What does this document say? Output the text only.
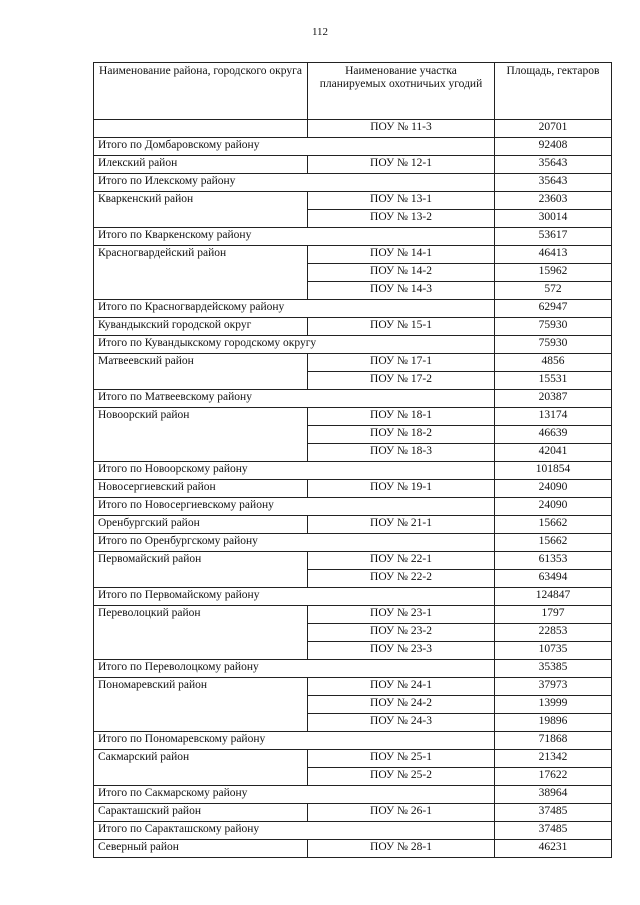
112
Наименование района, городского округа	Наименование участка планируемых охотничьих угодий	Площадь, гектаров
	ПОУ № 11-3	20701
Итого по Домбаровскому району		92408
Илекский район	ПОУ № 12-1	35643
Итого по Илекскому району		35643
Кваркенский район	ПОУ № 13-1	23603
	ПОУ № 13-2	30014
Итого по Кваркенскому району		53617
Красногвардейский район	ПОУ № 14-1	46413
	ПОУ № 14-2	15962
	ПОУ № 14-3	572
Итого по Красногвардейскому району		62947
Кувандыкский городской округ	ПОУ № 15-1	75930
Итого по Кувандыкскому городскому округу		75930
Матвеевский район	ПОУ № 17-1	4856
	ПОУ № 17-2	15531
Итого по Матвеевскому району		20387
Новоорский район	ПОУ № 18-1	13174
	ПОУ № 18-2	46639
	ПОУ № 18-3	42041
Итого по Новоорскому району		101854
Новосергиевский район	ПОУ № 19-1	24090
Итого по Новосергиевскому району		24090
Оренбургский район	ПОУ № 21-1	15662
Итого по Оренбургскому району		15662
Первомайский район	ПОУ № 22-1	61353
	ПОУ № 22-2	63494
Итого по Первомайскому району		124847
Переволоцкий район	ПОУ № 23-1	1797
	ПОУ № 23-2	22853
	ПОУ № 23-3	10735
Итого по Переволоцкому району		35385
Пономаревский район	ПОУ № 24-1	37973
	ПОУ № 24-2	13999
	ПОУ № 24-3	19896
Итого по Пономаревскому району		71868
Сакмарский район	ПОУ № 25-1	21342
	ПОУ № 25-2	17622
Итого по Сакмарскому району		38964
Саракташский район	ПОУ № 26-1	37485
Итого по Саракташскому району		37485
Северный район	ПОУ № 28-1	46231
